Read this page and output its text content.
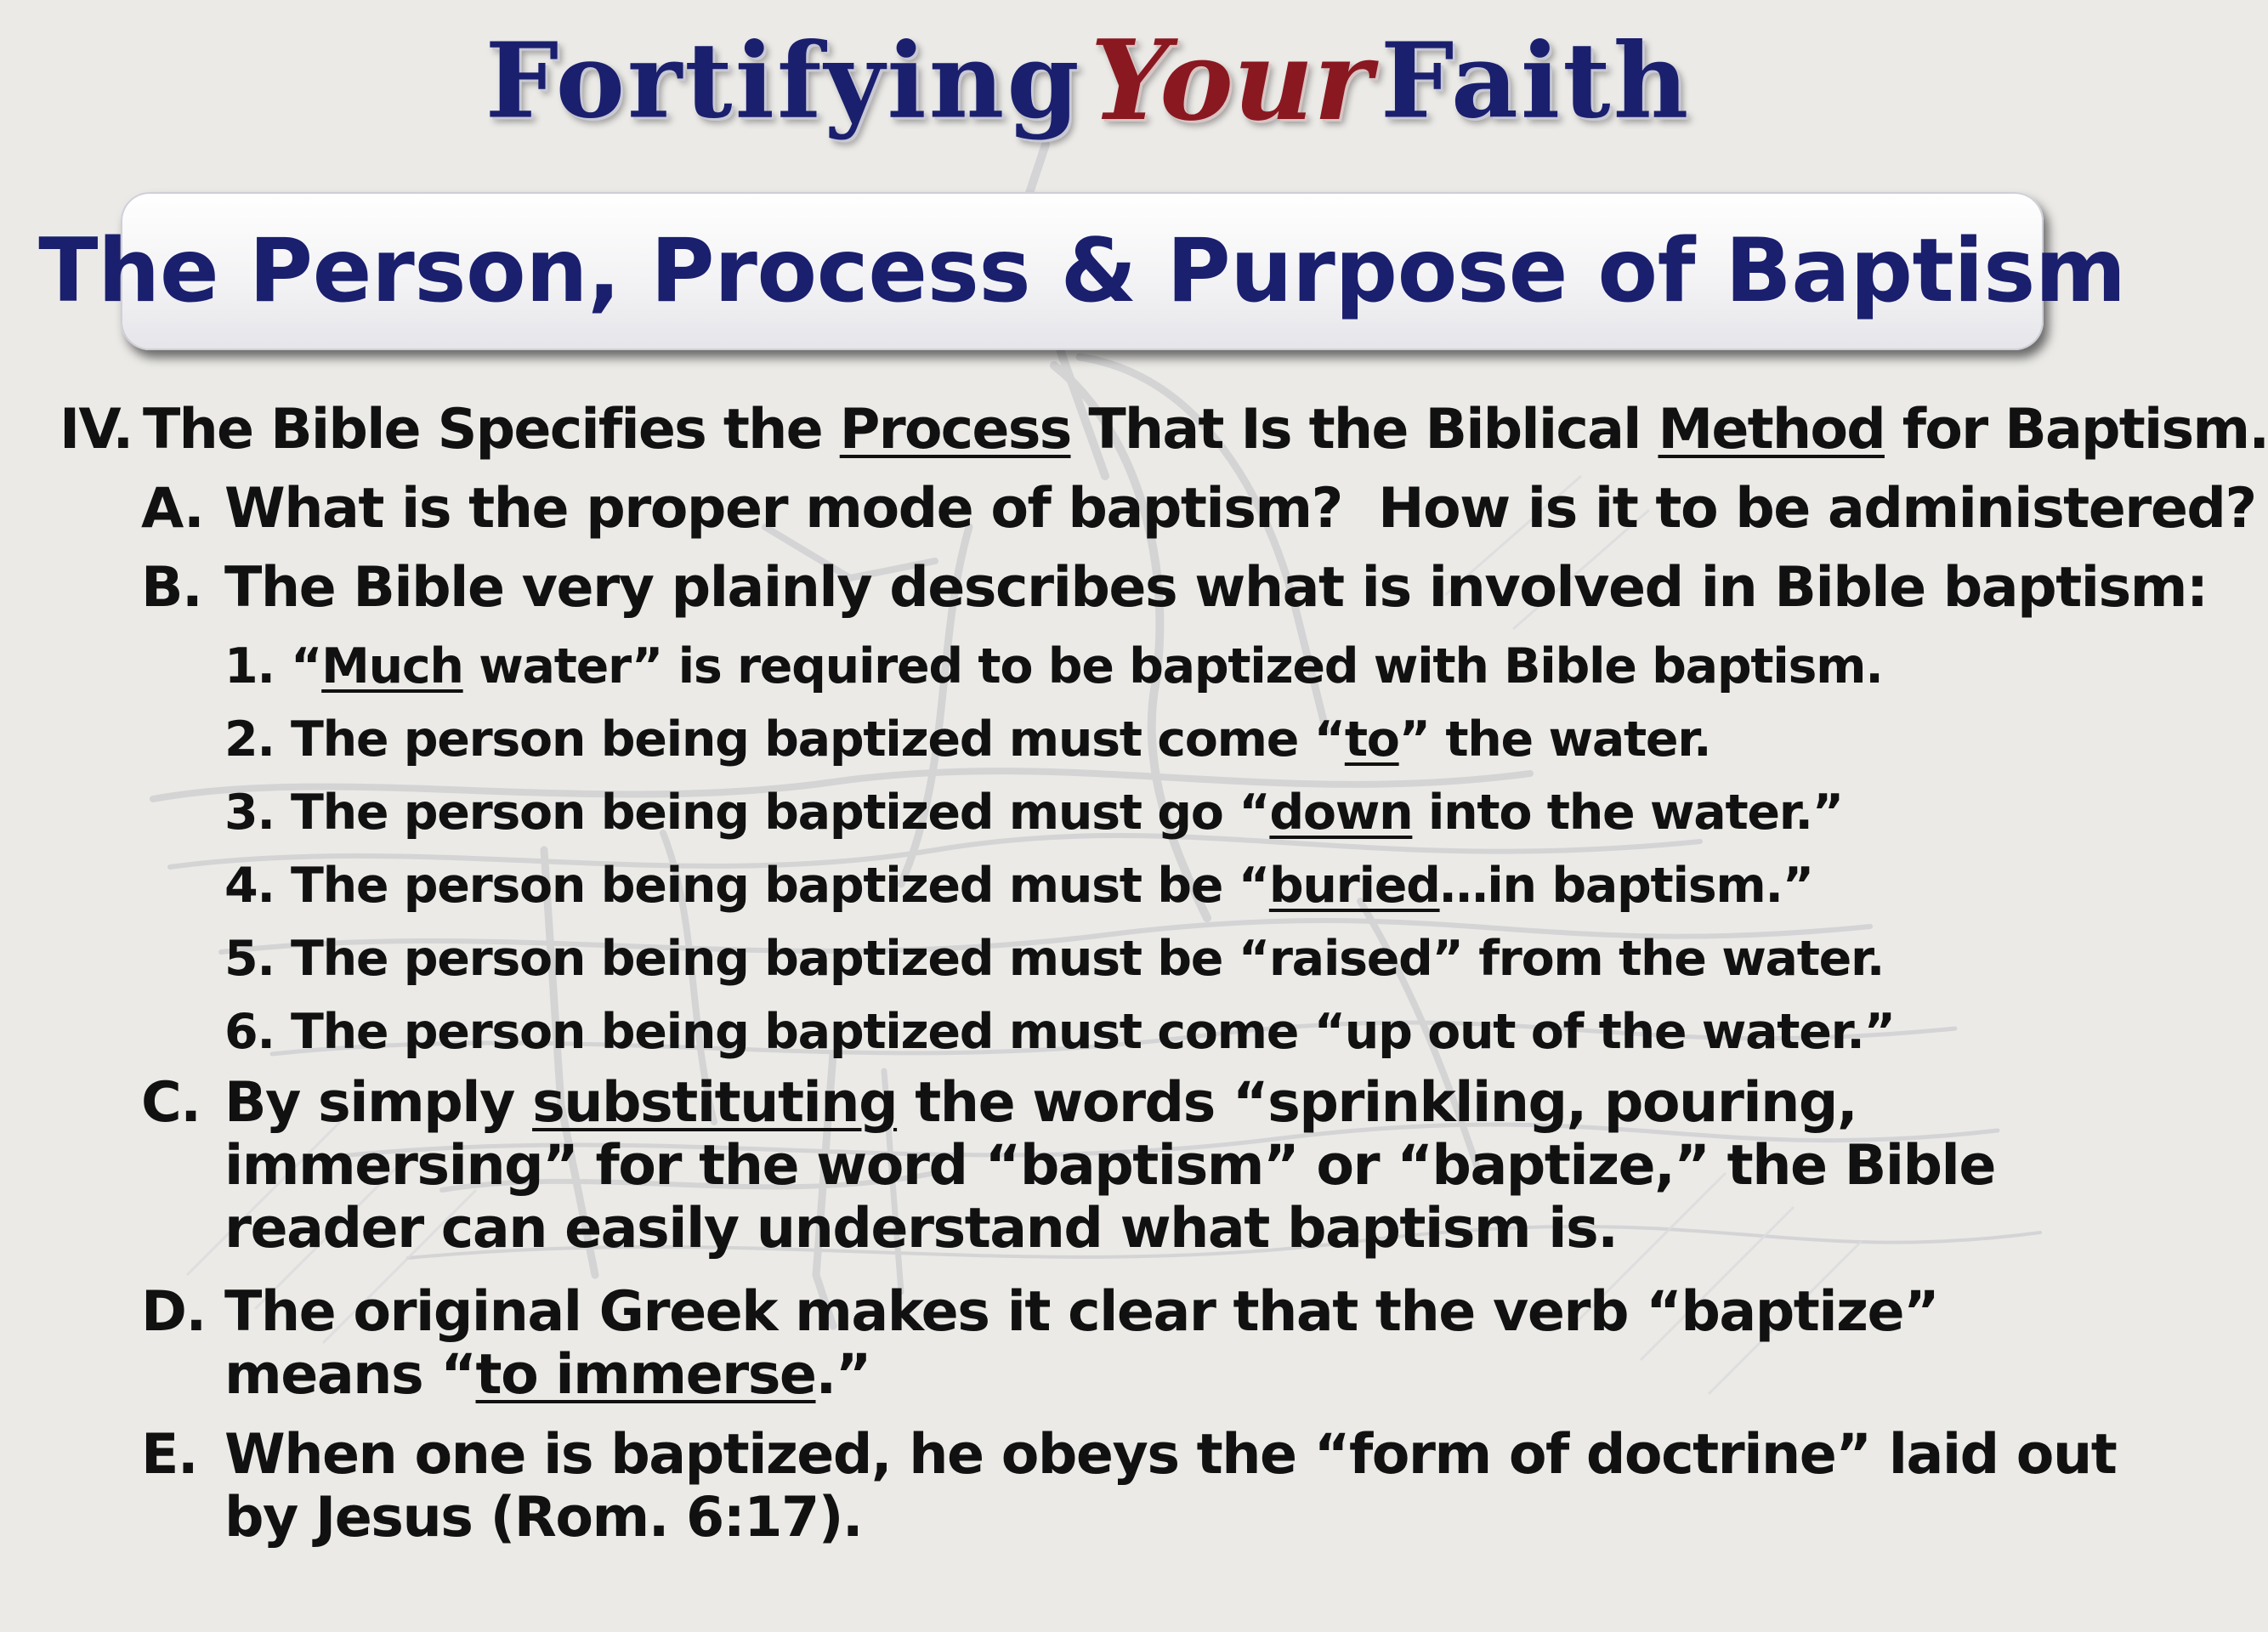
FortifyingYourFaith
The Person, Process & Purpose of Baptism
IV. The Bible Specifies the Process That Is the Biblical Method for Baptism.
A. What is the proper mode of baptism?  How is it to be administered?
B. The Bible very plainly describes what is involved in Bible baptism:
1. “Much water” is required to be baptized with Bible baptism.
2. The person being baptized must come “to” the water.
3. The person being baptized must go “down into the water.”
4. The person being baptized must be “buried…in baptism.”
5. The person being baptized must be “raised” from the water.
6. The person being baptized must come “up out of the water.”
C. By simply substituting the words “sprinkling, pouring, immersing” for the word “baptism” or “baptize,” the Bible reader can easily understand what baptism is.
D. The original Greek makes it clear that the verb “baptize” means “to immerse.”
E. When one is baptized, he obeys the “form of doctrine” laid out by Jesus (Rom. 6:17).
